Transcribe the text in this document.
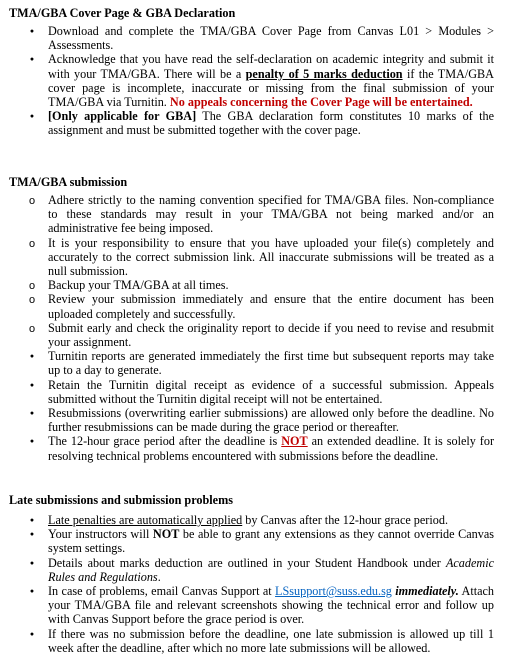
TMA/GBA Cover Page & GBA Declaration
●
Download and complete the TMA/GBA Cover Page from Canvas L01 > Modules > Assessments.
●
Acknowledge that you have read the self-declaration on academic integrity and submit it with your TMA/GBA. There will be a penalty of 5 marks deduction if the TMA/GBA cover page is incomplete, inaccurate or missing from the final submission of your TMA/GBA via Turnitin. No appeals concerning the Cover Page will be entertained.
●
[Only applicable for GBA] The GBA declaration form constitutes 10 marks of the assignment and must be submitted together with the cover page.
TMA/GBA submission
o
Adhere strictly to the naming convention specified for TMA/GBA files. Non-compliance to these standards may result in your TMA/GBA not being marked and/or an administrative fee being imposed.
o
It is your responsibility to ensure that you have uploaded your file(s) completely and accurately to the correct submission link. All inaccurate submissions will be treated as a null submission.
o
Backup your TMA/GBA at all times.
o
Review your submission immediately and ensure that the entire document has been uploaded completely and successfully.
o
Submit early and check the originality report to decide if you need to revise and resubmit your assignment.
●
Turnitin reports are generated immediately the first time but subsequent reports may take up to a day to generate.
●
Retain the Turnitin digital receipt as evidence of a successful submission. Appeals submitted without the Turnitin digital receipt will not be entertained.
●
Resubmissions (overwriting earlier submissions) are allowed only before the deadline. No further resubmissions can be made during the grace period or thereafter.
●
The 12-hour grace period after the deadline is NOT an extended deadline. It is solely for resolving technical problems encountered with submissions before the deadline.
Late submissions and submission problems
●
Late penalties are automatically applied by Canvas after the 12-hour grace period.
●
Your instructors will NOT be able to grant any extensions as they cannot override Canvas system settings.
●
Details about marks deduction are outlined in your Student Handbook under Academic Rules and Regulations.
●
In case of problems, email Canvas Support at LSsupport@suss.edu.sg immediately. Attach your TMA/GBA file and relevant screenshots showing the technical error and follow up with Canvas Support before the grace period is over.
●
If there was no submission before the deadline, one late submission is allowed up till 1 week after the deadline, after which no more late submissions will be allowed.
